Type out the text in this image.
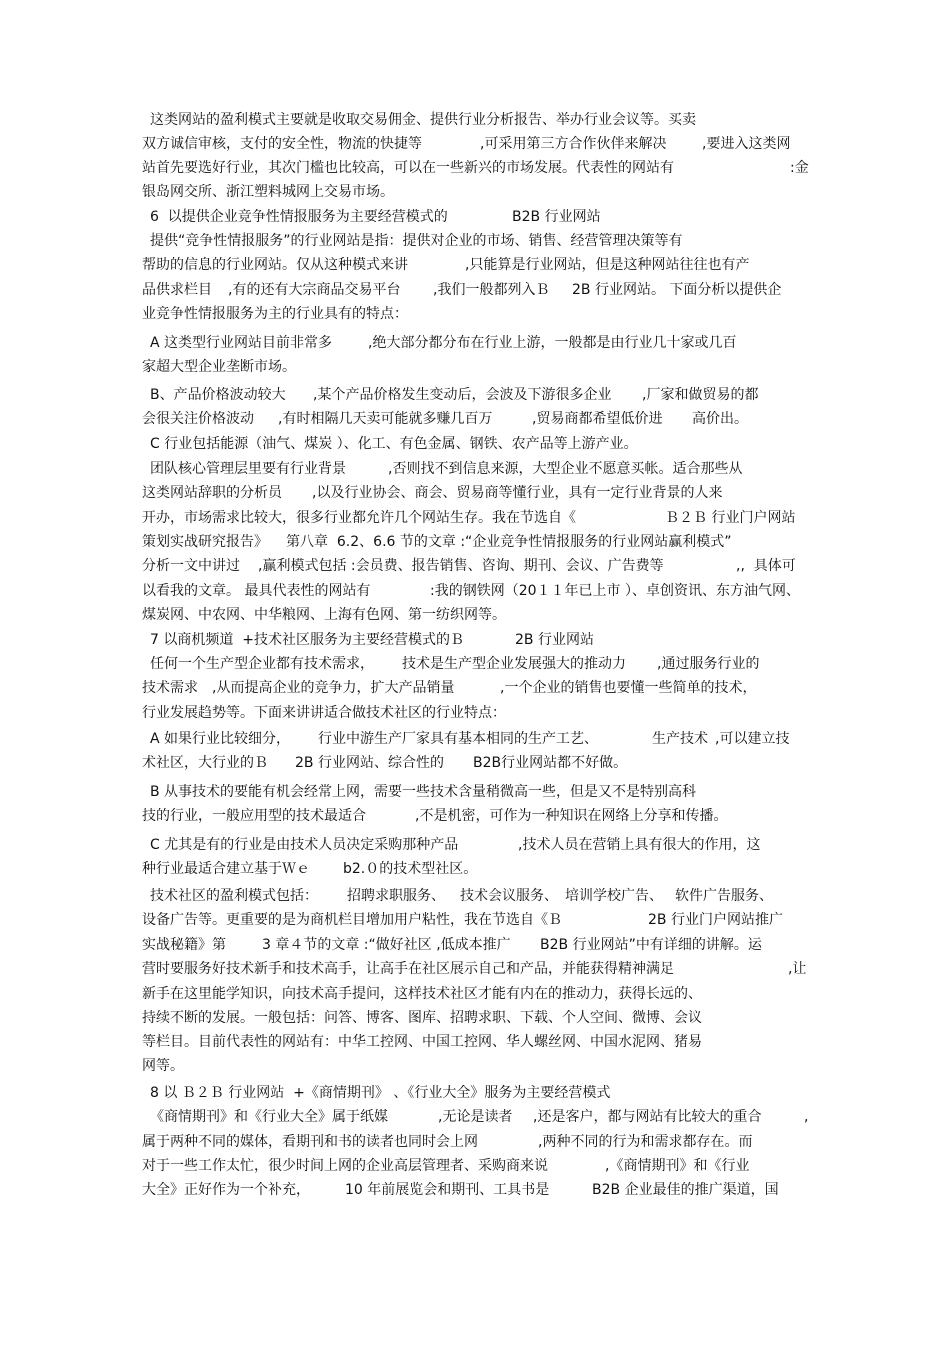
这类网站的盈利模式主要就是收取交易佣金、提供行业分析报告、举办行业会议等。买卖
双方诚信审核，支付的安全性，物流的快捷等	,可采用第三方合作伙伴来解决	,要进入这类网
站首先要选好行业，其次门槛也比较高，可以在一些新兴的市场发展。代表性的网站有	:金
银岛网交所、浙江塑料城网上交易市场。
6  以提供企业竞争性情报服务为主要经营模式的	B2B 行业网站
提供“竞争性情报服务”的行业网站是指：提供对企业的市场、销售、经营管理决策等有
帮助的信息的行业网站。仅从这种模式来讲	,只能算是行业网站，但是这种网站往往也有产
品供求栏目 ,有的还有大宗商品交易平台 ,我们一般都列入Ｂ 2B 行业网站。 下面分析以提供企
业竞争性情报服务为主的行业具有的特点：
A 这类型行业网站目前非常多	,绝大部分都分布在行业上游，一般都是由行业几十家或几百
家超大型企业垄断市场。
B、产品价格波动较大 ,某个产品价格发生变动后，会波及下游很多企业 ,厂家和做贸易的都
会很关注价格波动 ,有时相隔几天卖可能就多赚几百万	,贸易商都希望低价进 高价出。
C 行业包括能源（油气、煤炭 ）、化工、有色金属、钢铁、农产品等上游产业。
团队核心管理层里要有行业背景	,否则找不到信息来源，大型企业不愿意买帐。适合那些从
这类网站辞职的分析员 ,以及行业协会、商会、贸易商等懂行业，具有一定行业背景的人来
开办，市场需求比较大，很多行业都允许几个网站生存。我在节选自《	Ｂ２Ｂ 行业门户网站
策划实战研究报告》 第八章  6.2、6.6 节的文章 :“企业竞争性情报服务的行业网站赢利模式”
分析一文中讲过 ,赢利模式包括 :会员费、报告销售、咨询、期刊、会议、广告费等	,,  具体可
以看我的文章。 最具代表性的网站有	:我的钢铁网（20１１年已上市 ）、卓创资讯、东方油气网、
煤炭网、中农网、中华粮网、上海有色网、第一纺织网等。
7 以商机频道  +技术社区服务为主要经营模式的Ｂ	2B 行业网站
任何一个生产型企业都有技术需求， 技术是生产型企业发展强大的推动力 ,通过服务行业的
技术需求 ,从而提高企业的竞争力，扩大产品销量	,一个企业的销售也要懂一些简单的技术，
行业发展趋势等。下面来讲讲适合做技术社区的行业特点：
A 如果行业比较细分， 行业中游生产厂家具有基本相同的生产工艺、	生产技术 ,可以建立技
术社区，大行业的Ｂ 2B 行业网站、综合性的 B2B行业网站都不好做。
B 从事技术的要能有机会经常上网，需要一些技术含量稍微高一些，但是又不是特别高科
技的行业，一般应用型的技术最适合	,不是机密，可作为一种知识在网络上分享和传播。
C 尤其是有的行业是由技术人员决定采购那种产品	,技术人员在营销上具有很大的作用，这
种行业最适合建立基于Ｗｅ b2.０的技术型社区。
技术社区的盈利模式包括： 招聘求职服务、 技术会议服务、 培训学校广告、 软件广告服务、
设备广告等。更重要的是为商机栏目增加用户粘性，我在节选自《Ｂ	2B 行业门户网站推广
实战秘籍》第	3 章４节的文章 :“做好社区 ,低成本推广 B2B 行业网站”中有详细的讲解。运
营时要服务好技术新手和技术高手，让高手在社区展示自己和产品，并能获得精神满足	,让
新手在这里能学知识，向技术高手提问，这样技术社区才能有内在的推动力，获得长远的、
持续不断的发展。一般包括：问答、博客、图库、招聘求职、下载、个人空间、微博、会议
等栏目。目前代表性的网站有：中华工控网、中国工控网、华人螺丝网、中国水泥网、猪易
网等。
8 以 Ｂ２Ｂ 行业网站  +《商情期刊》 、《行业大全》服务为主要经营模式
《商情期刊》和《行业大全》属于纸媒	,无论是读者 ,还是客户，都与网站有比较大的重合	,
属于两种不同的媒体，看期刊和书的读者也同时会上网	,两种不同的行为和需求都存在。而
对于一些工作太忙，很少时间上网的企业高层管理者、采购商来说	,《商情期刊》和《行业
大全》正好作为一个补充，	10 年前展览会和期刊、工具书是	B2B 企业最佳的推广渠道，国
